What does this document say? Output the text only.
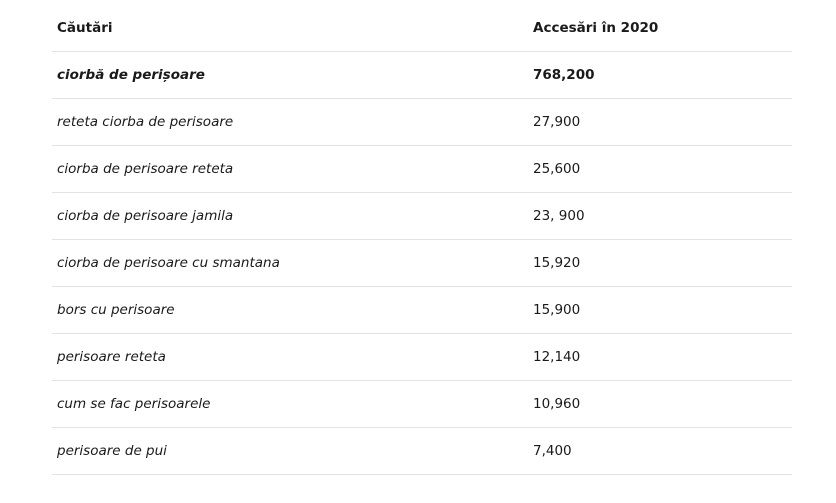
Căutări	Accesări în 2020
ciorbă de perișoare	768,200
reteta ciorba de perisoare	27,900
ciorba de perisoare reteta	25,600
ciorba de perisoare jamila	23, 900
ciorba de perisoare cu smantana	15,920
bors cu perisoare	15,900
perisoare reteta	12,140
cum se fac perisoarele	10,960
perisoare de pui	7,400
